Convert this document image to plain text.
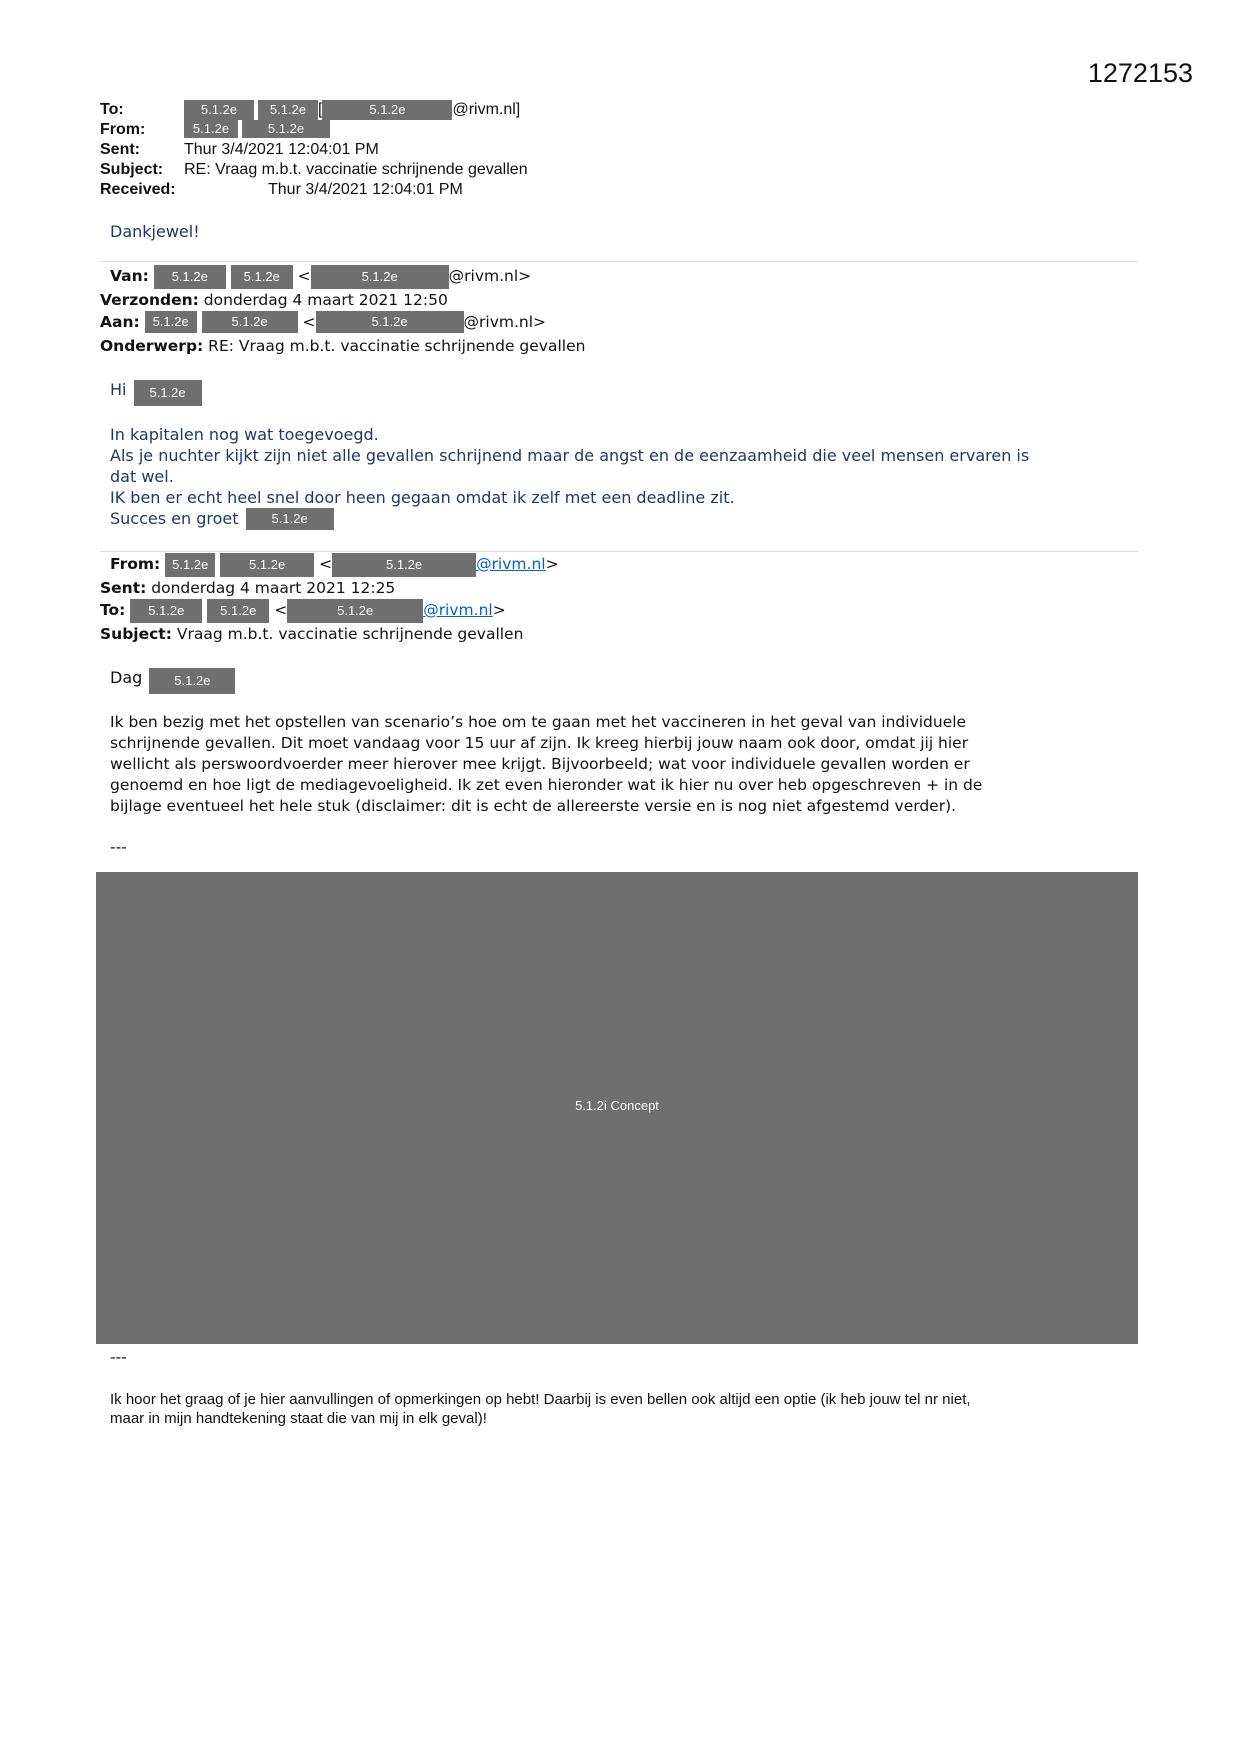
1272153
To:	5.1.2e	5.1.2e [	5.1.2e	@rivm.nl]
From:	5.1.2e	5.1.2e
Sent:	Thur 3/4/2021 12:04:01 PM
Subject: RE: Vraag m.b.t. vaccinatie schrijnende gevallen
Received:	Thur 3/4/2021 12:04:01 PM
Dankjewel!
Van: 5.1.2e	5.1.2e <	5.1.2e	@rivm.nl>
Verzonden: donderdag 4 maart 2021 12:50
Aan: 5.1.2e	5.1.2e <	5.1.2e	@rivm.nl>
Onderwerp: RE: Vraag m.b.t. vaccinatie schrijnende gevallen
Hi 5.1.2e
In kapitalen nog wat toegevoegd.
Als je nuchter kijkt zijn niet alle gevallen schrijnend maar de angst en de eenzaamheid die veel mensen ervaren is
dat wel.
IK ben er echt heel snel door heen gegaan omdat ik zelf met een deadline zit.
Succes en groet	5.1.2e
From: 5.1.2e	5.1.2e <	5.1.2e	@rivm.nl>
Sent: donderdag 4 maart 2021 12:25
To: 5.1.2e	5.1.2e <	5.1.2e	@rivm.nl>
Subject: Vraag m.b.t. vaccinatie schrijnende gevallen
Dag 5.1.2e
Ik ben bezig met het opstellen van scenario’s hoe om te gaan met het vaccineren in het geval van individuele
schrijnende gevallen. Dit moet vandaag voor 15 uur af zijn. Ik kreeg hierbij jouw naam ook door, omdat jij hier
wellicht als perswoordvoerder meer hierover mee krijgt. Bijvoorbeeld; wat voor individuele gevallen worden er
genoemd en hoe ligt de mediagevoeligheid. Ik zet even hieronder wat ik hier nu over heb opgeschreven + in de
bijlage eventueel het hele stuk (disclaimer: dit is echt de allereerste versie en is nog niet afgestemd verder).
---
5.1.2i Concept
---
Ik hoor het graag of je hier aanvullingen of opmerkingen op hebt! Daarbij is even bellen ook altijd een optie (ik heb jouw tel nr niet,
maar in mijn handtekening staat die van mij in elk geval)!
